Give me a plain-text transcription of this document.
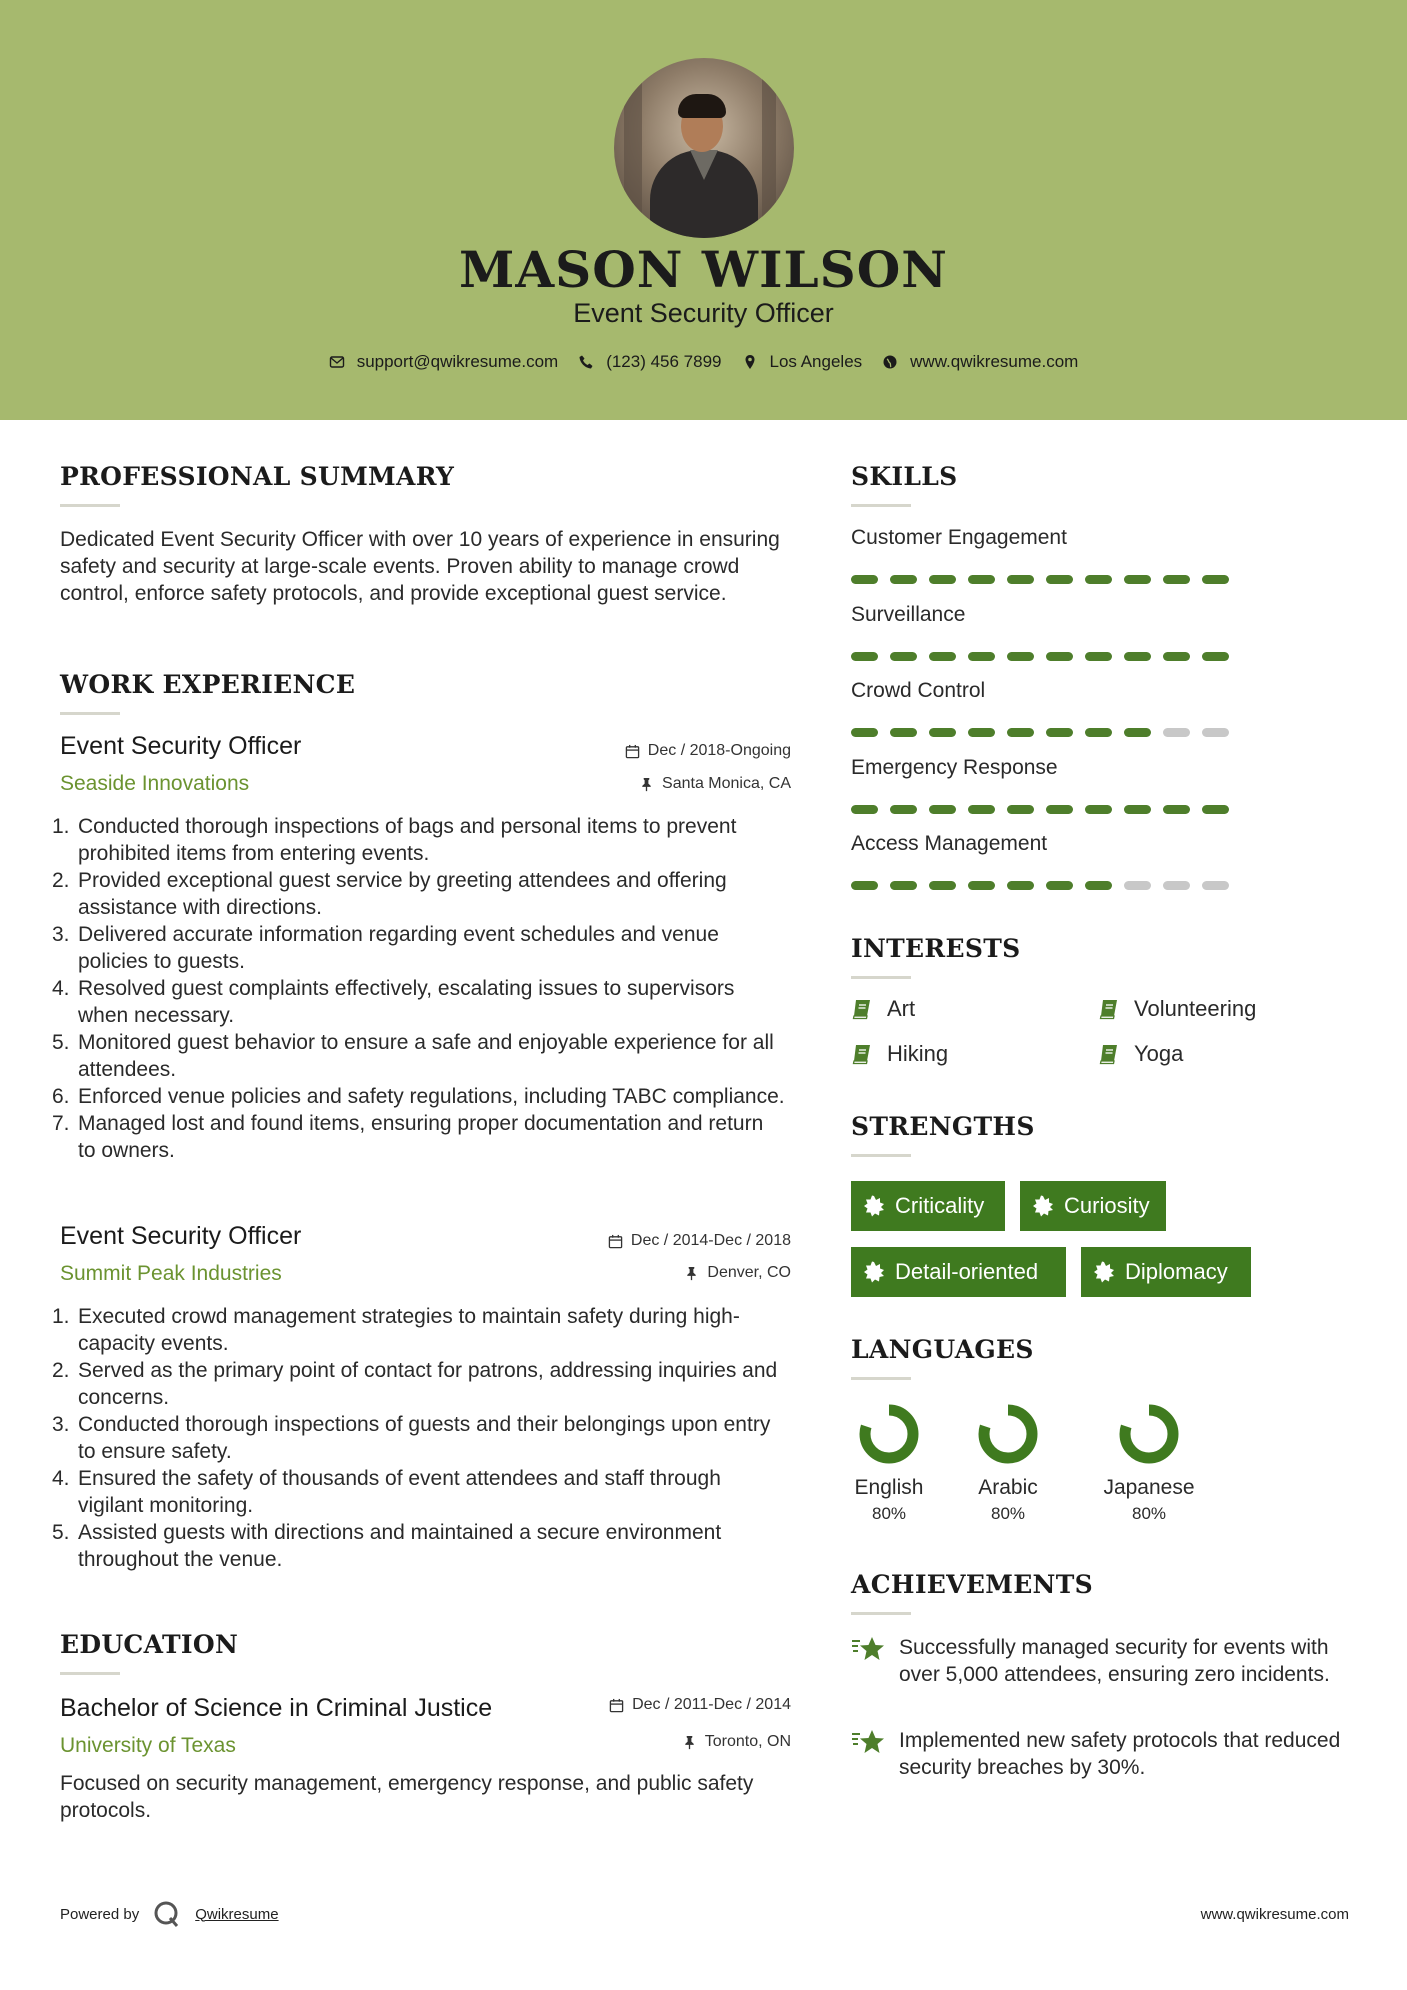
MASON WILSON
Event Security Officer
support@qwikresume.com	(123) 456 7899	Los Angeles	www.qwikresume.com
PROFESSIONAL SUMMARY
Dedicated Event Security Officer with over 10 years of experience in ensuring safety and security at large-scale events. Proven ability to manage crowd control, enforce safety protocols, and provide exceptional guest service.
WORK EXPERIENCE
Event Security Officer
Seaside Innovations
Dec / 2018-Ongoing
Santa Monica, CA
1. Conducted thorough inspections of bags and personal items to prevent prohibited items from entering events.
2. Provided exceptional guest service by greeting attendees and offering assistance with directions.
3. Delivered accurate information regarding event schedules and venue policies to guests.
4. Resolved guest complaints effectively, escalating issues to supervisors when necessary.
5. Monitored guest behavior to ensure a safe and enjoyable experience for all attendees.
6. Enforced venue policies and safety regulations, including TABC compliance.
7. Managed lost and found items, ensuring proper documentation and return to owners.
Event Security Officer
Summit Peak Industries
Dec / 2014-Dec / 2018
Denver, CO
1. Executed crowd management strategies to maintain safety during high-capacity events.
2. Served as the primary point of contact for patrons, addressing inquiries and concerns.
3. Conducted thorough inspections of guests and their belongings upon entry to ensure safety.
4. Ensured the safety of thousands of event attendees and staff through vigilant monitoring.
5. Assisted guests with directions and maintained a secure environment throughout the venue.
EDUCATION
Bachelor of Science in Criminal Justice
University of Texas
Dec / 2011-Dec / 2014
Toronto, ON
Focused on security management, emergency response, and public safety protocols.
SKILLS
Customer Engagement
Surveillance
Crowd Control
Emergency Response
Access Management
INTERESTS
Art	Volunteering
Hiking	Yoga
STRENGTHS
Criticality	Curiosity
Detail-oriented	Diplomacy
LANGUAGES
English
80%
Arabic
80%
Japanese
80%
ACHIEVEMENTS
Successfully managed security for events with over 5,000 attendees, ensuring zero incidents.
Implemented new safety protocols that reduced security breaches by 30%.
Powered by	Qwikresume	www.qwikresume.com
